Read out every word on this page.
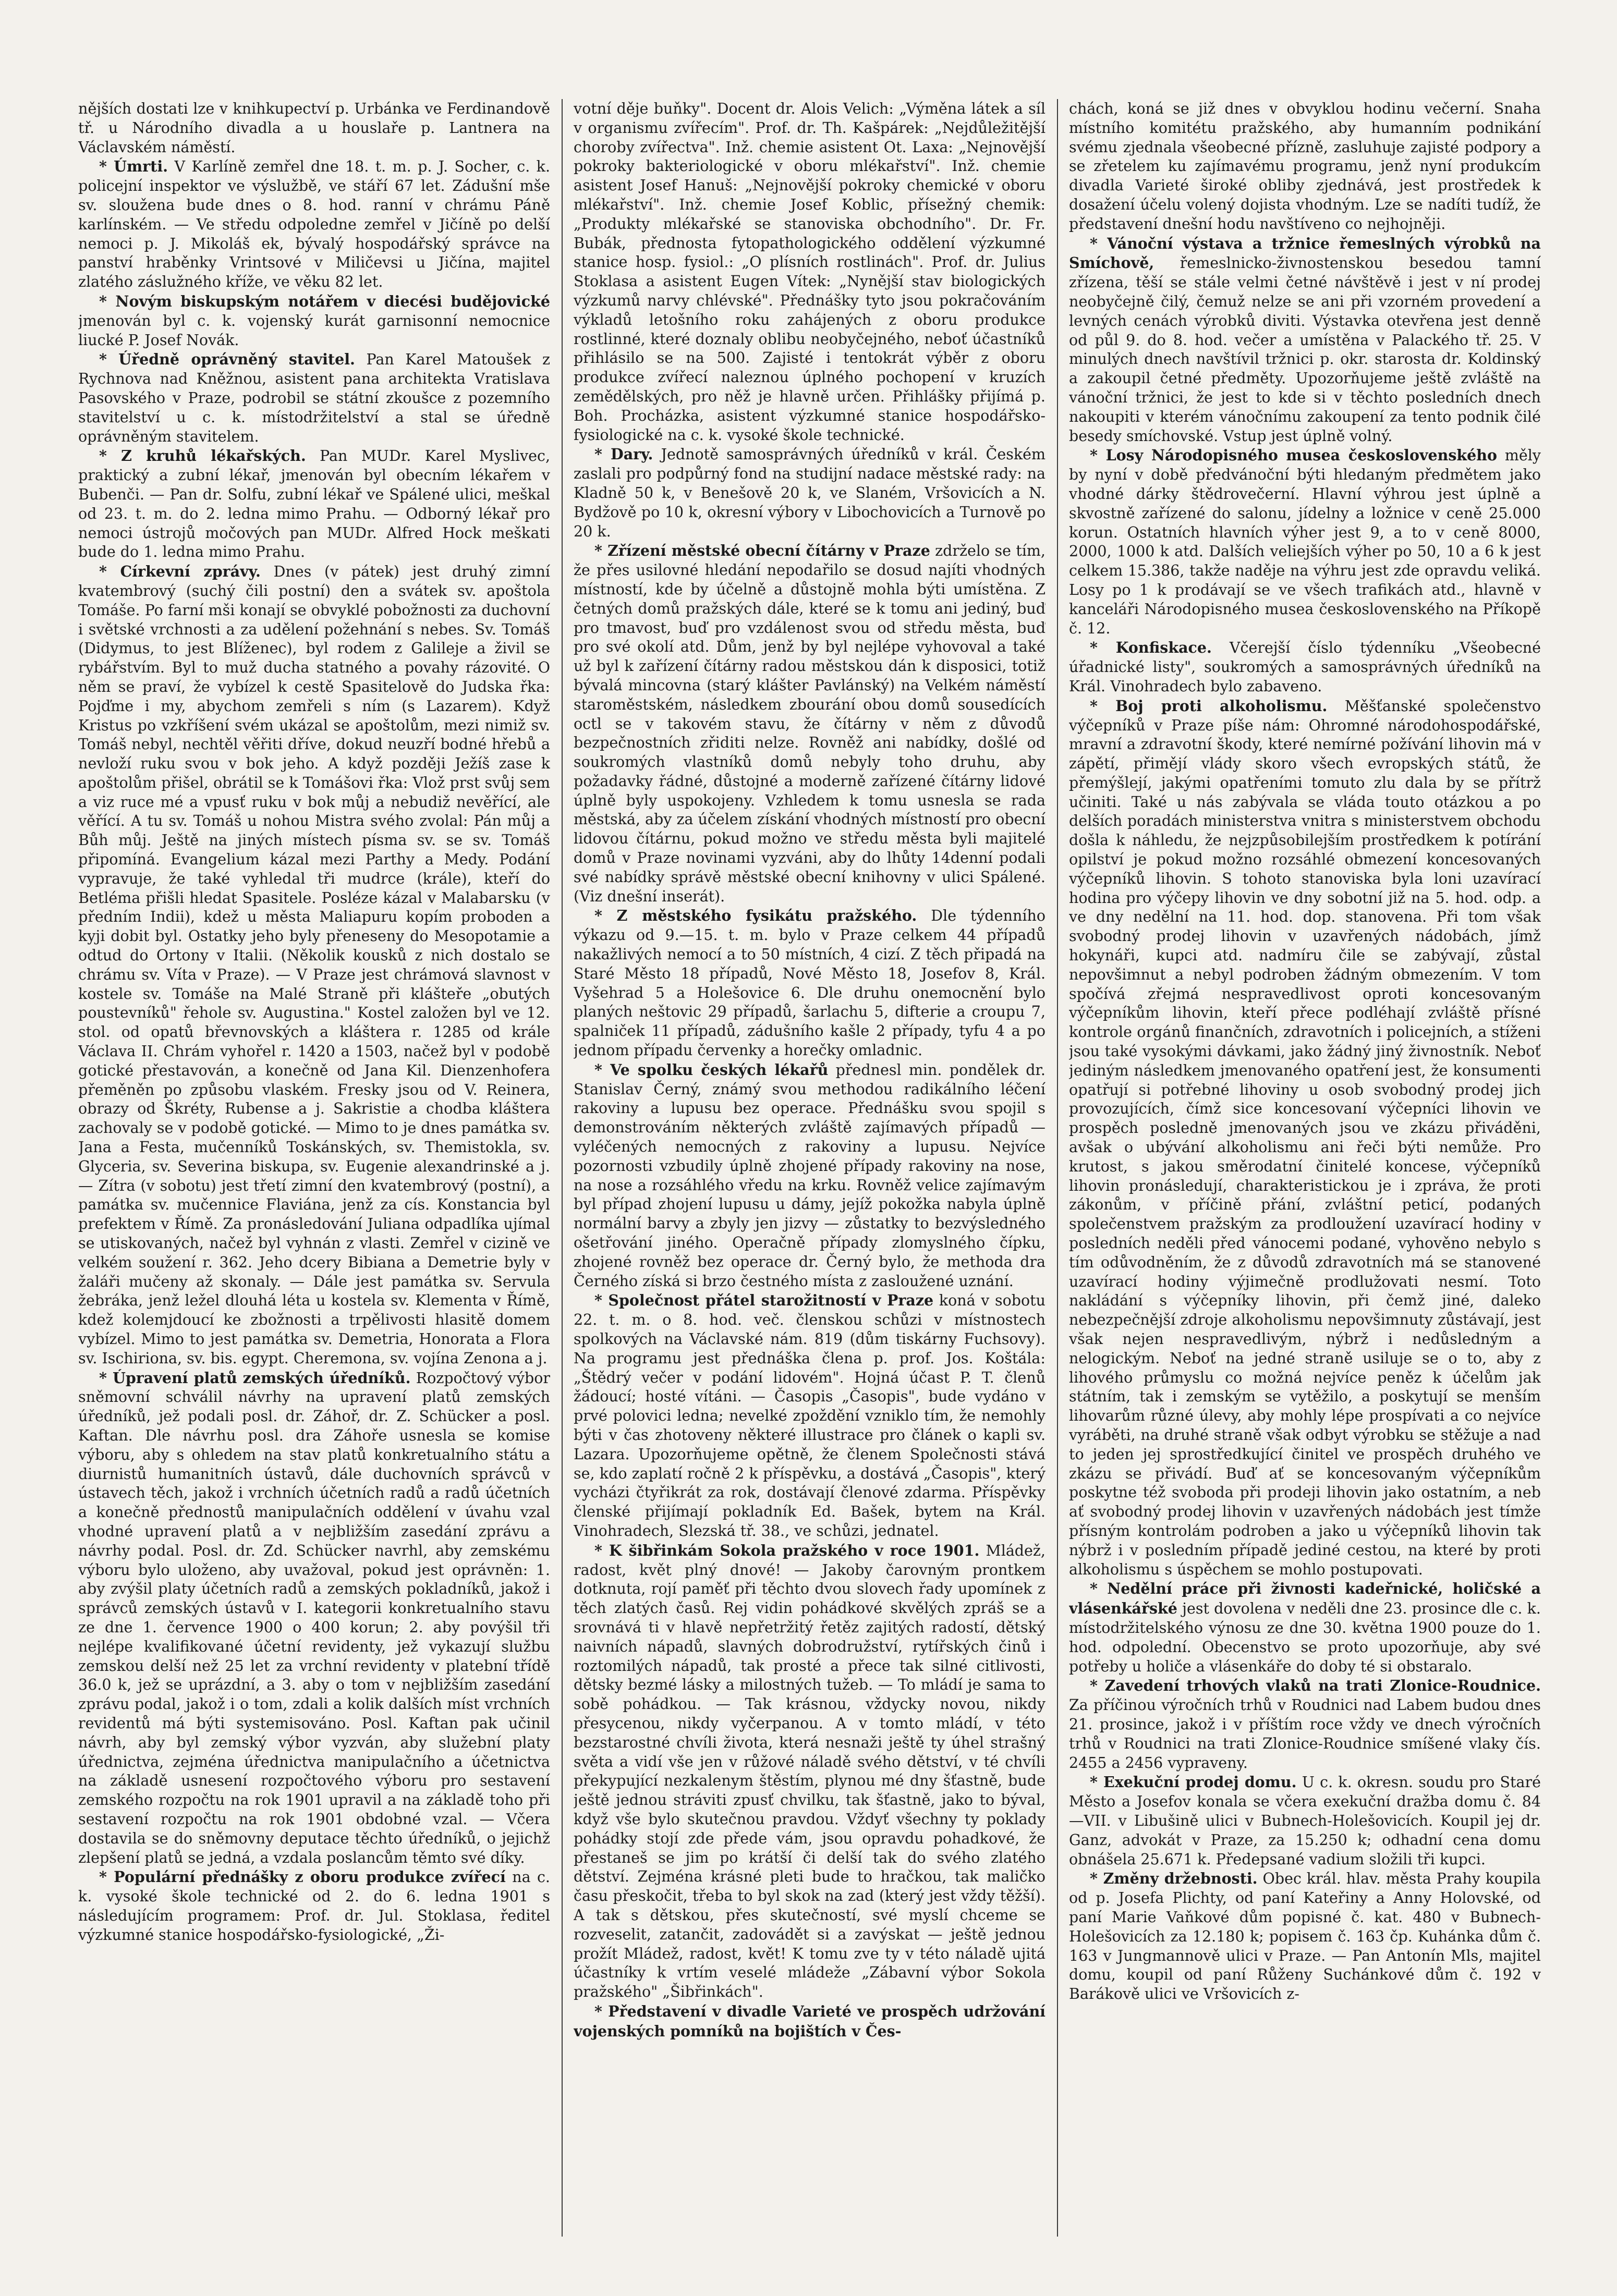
nějších dostati lze v knihkupectví p. Urbánka ve Ferdinandově tř. u Národního divadla a u houslaře p. Lantnera na Václavském náměstí.

* Úmrti. V Karlíně zemřel dne 18. t. m. p. J. Socher, c. k. policejní inspektor ve výslužbě, ve stáří 67 let. Zádušní mše sv. sloužena bude dnes o 8. hod. ranní v chrámu Páně karlínském. — Ve středu odpoledne zemřel v Jičíně po delší nemoci p. J. Mikoláš ek, bývalý hospodářský správce na panství hraběnky Vrintsové v Miličevsi u Jičína, majitel zlatého záslužného kříže, ve věku 82 let.

* Novým biskupským notářem v diecési budějovické jmenován byl c. k. vojenský kurát garnisonní nemocnice liucké P. Josef Novák.

* Úředně oprávněný stavitel. Pan Karel Matoušek z Rychnova nad Kněžnou, asistent pana architekta Vratislava Pasovského v Praze, podrobil se státní zkoušce z pozemního stavitelství u c. k. místodržitelství a stal se úředně oprávněným stavitelem.

* Z kruhů lékařských. Pan MUDr. Karel Myslivec, praktický a zubní lékař, jmenován byl obecním lékařem v Bubenči. — Pan dr. Solfu, zubní lékař ve Spálené ulici, meškal od 23. t. m. do 2. ledna mimo Prahu. — Odborný lékař pro nemoci ústrojů močových pan MUDr. Alfred Hock meškati bude do 1. ledna mimo Prahu.

* Církevní zprávy. Dnes (v pátek) jest druhý zimní kvatembrový (suchý čili postní) den a svátek sv. apoštola Tomáše. Po farní mši konají se obvyklé pobožnosti za duchovní i světské vrchnosti a za udělení požehnání s nebes. Sv. Tomáš (Didymus, to jest Blíženec), byl rodem z Galileje a živil se rybářstvím. Byl to muž ducha statného a povahy rázovité. O něm se praví, že vybízel k cestě Spasitelově do Judska řka: Pojďme i my, abychom zemřeli s ním (s Lazarem). Když Kristus po vzkříšení svém ukázal se apoštolům, mezi nimiž sv. Tomáš nebyl, nechtěl věřiti dříve, dokud neuzří bodné hřebů a nevloží ruku svou v bok jeho. A když později Ježíš zase k apoštolům přišel, obrátil se k Tomášovi řka: Vlož prst svůj sem a viz ruce mé a vpusť ruku v bok můj a nebudiž nevěřící, ale věřící. A tu sv. Tomáš u nohou Mistra svého zvolal: Pán můj a Bůh můj. Ještě na jiných místech písma sv. se sv. Tomáš připomíná. Evangelium kázal mezi Parthy a Medy. Podání vypravuje, že také vyhledal tři mudrce (krále), kteří do Betléma přišli hledat Spasitele. Posléze kázal v Malabarsku (v předním Indii), kdež u města Maliapuru kopím proboden a kyji dobit byl. Ostatky jeho byly přeneseny do Mesopotamie a odtud do Ortony v Italii. (Několik kousků z nich dostalo se chrámu sv. Víta v Praze). — V Praze jest chrámová slavnost v kostele sv. Tomáše na Malé Straně při klášteře „obutých poustevníků" řehole sv. Augustina." Kostel založen byl ve 12. stol. od opatů břevnovských a kláštera r. 1285 od krále Václava II. Chrám vyhořel r. 1420 a 1503, načež byl v podobě gotické přestavován, a konečně od Jana Kil. Dienzenhofera přeměněn po způsobu vlaském. Fresky jsou od V. Reinera, obrazy od Škréty, Rubense a j. Sakristie a chodba kláštera zachovaly se v podobě gotické. — Mimo to je dnes památka sv. Jana a Festa, mučenníků Toskánských, sv. Themistokla, sv. Glyceria, sv. Severina biskupa, sv. Eugenie alexandrinské a j. — Zítra (v sobotu) jest třetí zimní den kvatembrový (postní), a památka sv. mučennice Flaviána, jenž za cís. Konstancia byl prefektem v Římě. Za pronásledování Juliana odpadlíka ujímal se utiskovaných, načež byl vyhnán z vlasti. Zemřel v cizině ve velkém soužení r. 362. Jeho dcery Bibiana a Demetrie byly v žaláři mučeny až skonaly. — Dále jest památka sv. Servula žebráka, jenž ležel dlouhá léta u kostela sv. Klementa v Římě, kdež kolemjdoucí ke zbožnosti a trpělivosti hlasitě domem vybízel. Mimo to jest památka sv. Demetria, Honorata a Flora sv. Ischiriona, sv. bis. egypt. Cheremona, sv. vojína Zenona a j.

* Úpravení platů zemských úředníků. Rozpočtový výbor sněmovní schválil návrhy na upravení platů zemských úředníků, jež podali posl. dr. Záhoř, dr. Z. Schücker a posl. Kaftan. Dle návrhu posl. dra Záhoře usnesla se komise výboru, aby s ohledem na stav platů konkretualního státu a diurnistů humanitních ústavů, dále duchovních správců v ústavech těch, jakož i vrchních účetních radů a radů účetních a konečně přednostů manipulačních oddělení v úvahu vzal vhodné upravení platů a v nejbližším zasedání zprávu a návrhy podal. Posl. dr. Zd. Schücker navrhl, aby zemskému výboru bylo uloženo, aby uvažoval, pokud jest oprávněn: 1. aby zvýšil platy účetních radů a zemských pokladníků, jakož i správců zemských ústavů v I. kategorii konkretualního stavu ze dne 1. července 1900 o 400 korun; 2. aby povýšil tři nejlépe kvalifikované účetní revidenty, jež vykazují službu zemskou delší než 25 let za vrchní revidenty v platební třídě 36.0 k, jež se uprázdní, a 3. aby o tom v nejbližším zasedání zprávu podal, jakož i o tom, zdali a kolik dalších míst vrchních revidentů má býti systemisováno. Posl. Kaftan pak učinil návrh, aby byl zemský výbor vyzván, aby služební platy úřednictva, zejména úřednictva manipulačního a účetnictva na základě usnesení rozpočtového výboru pro sestavení zemského rozpočtu na rok 1901 upravil a na základě toho při sestavení rozpočtu na rok 1901 obdobné vzal. — Včera dostavila se do sněmovny deputace těchto úředníků, o jejichž zlepšení platů se jedná, a vzdala poslancům těmto své díky.

* Populární přednášky z oboru produkce zvířecí na c. k. vysoké škole technické od 2. do 6. ledna 1901 s následujícím programem: Prof. dr. Jul. Stoklasa, ředitel výzkumné stanice hospodářsko-fysiologické, „Ži-

votní děje buňky". Docent dr. Alois Velich: „Výměna látek a síl v organismu zvířecím". Prof. dr. Th. Kašpárek: „Nejdůležitější choroby zvířectva". Inž. chemie asistent Ot. Laxa: „Nejnovější pokroky bakteriologické v oboru mlékařství". Inž. chemie asistent Josef Hanuš: „Nejnovější pokroky chemické v oboru mlékařství". Inž. chemie Josef Koblic, přísežný chemik: „Produkty mlékařské se stanoviska obchodního". Dr. Fr. Bubák, přednosta fytopathologického oddělení výzkumné stanice hosp. fysiol.: „O plísních rostlinách". Prof. dr. Julius Stoklasa a asistent Eugen Vítek: „Nynější stav biologických výzkumů narvy chlévské". Přednášky tyto jsou pokračováním výkladů letošního roku zahájených z oboru produkce rostlinné, které doznaly oblibu neobyčejného, neboť účastníků přihlásilo se na 500. Zajisté i tentokrát výběr z oboru produkce zvířecí naleznou úplného pochopení v kruzích zemědělských, pro něž je hlavně určen. Přihlášky přijímá p. Boh. Procházka, asistent výzkumné stanice hospodářsko-fysiologické na c. k. vysoké škole technické.

* Dary. Jednotě samosprávných úředníků v král. Českém zaslali pro podpůrný fond na studijní nadace městské rady: na Kladně 50 k, v Benešově 20 k, ve Slaném, Vršovicích a N. Bydžově po 10 k, okresní výbory v Libochovicích a Turnově po 20 k.

* Zřízení městské obecní čítárny v Praze zdrželo se tím, že přes usilovné hledání nepodařilo se dosud najíti vhodných místností, kde by účelně a důstojně mohla býti umístěna. Z četných domů pražských dále, které se k tomu ani jediný, buď pro tmavost, buď pro vzdálenost svou od středu města, buď pro své okolí atd. Dům, jenž by byl nejlépe vyhovoval a také už byl k zařízení čítárny radou městskou dán k disposici, totiž bývalá mincovna (starý klášter Pavlánský) na Velkém náměstí staroměstském, následkem zbourání obou domů sousedících octl se v takovém stavu, že čítárny v něm z důvodů bezpečnostních zřiditi nelze. Rovněž ani nabídky, došlé od soukromých vlastníků domů nebyly toho druhu, aby požadavky řádné, důstojné a moderně zařízené čítárny lidové úplně byly uspokojeny. Vzhledem k tomu usnesla se rada městská, aby za účelem získání vhodných místností pro obecní lidovou čítárnu, pokud možno ve středu města byli majitelé domů v Praze novinami vyzváni, aby do lhůty 14denní podali své nabídky správě městské obecní knihovny v ulici Spálené. (Viz dnešní inserát).

* Z městského fysikátu pražského. Dle týdenního výkazu od 9.—15. t. m. bylo v Praze celkem 44 případů nakažlivých nemocí a to 50 místních, 4 cizí. Z těch připadá na Staré Město 18 případů, Nové Město 18, Josefov 8, Král. Vyšehrad 5 a Holešovice 6. Dle druhu onemocnění bylo planých neštovic 29 případů, šarlachu 5, difterie a croupu 7, spalniček 11 případů, zádušního kašle 2 případy, tyfu 4 a po jednom případu červenky a horečky omladnic.

* Ve spolku českých lékařů přednesl min. pondělek dr. Stanislav Černý, známý svou methodou radikálního léčení rakoviny a lupusu bez operace. Přednášku svou spojil s demonstrováním některých zvláště zajímavých případů — vyléčených nemocných z rakoviny a lupusu. Nejvíce pozornosti vzbudily úplně zhojené případy rakoviny na nose, na nose a rozsáhlého vředu na krku. Rovněž velice zajímavým byl případ zhojení lupusu u dámy, jejíž pokožka nabyla úplně normální barvy a zbyly jen jizvy — zůstatky to bezvýsledného ošetřování jiného. Operačně případy zlomyslného čípku, zhojené rovněž bez operace dr. Černý bylo, že methoda dra Černého získá si brzo čestného místa z zasloužené uznání.

* Společnost přátel starožitností v Praze koná v sobotu 22. t. m. o 8. hod. več. členskou schůzi v místnostech spolkových na Václavské nám. 819 (dům tiskárny Fuchsovy). Na programu jest přednáška člena p. prof. Jos. Koštála: „Štědrý večer v podání lidovém". Hojná účast P. T. členů žádoucí; hosté vítáni. — Časopis „Časopis", bude vydáno v prvé polovici ledna; nevelké zpoždění vzniklo tím, že nemohly býti v čas zhotoveny některé illustrace pro článek o kapli sv. Lazara. Upozorňujeme opětně, že členem Společnosti stává se, kdo zaplatí ročně 2 k příspěvku, a dostává „Časopis", který vycházi čtyřikrát za rok, dostávají členové zdarma. Příspěvky členské přijímají pokladník Ed. Bašek, bytem na Král. Vinohradech, Slezská tř. 38., ve schůzi, jednatel.

* K šibřinkám Sokola pražského v roce 1901. Mládež, radost, květ plný dnové! — Jakoby čarovným prontkem dotknuta, rojí paměť při těchto dvou slovech řady upomínek z těch zlatých časů. Rej vidin pohádkové skvělých zpráš se a srovnává ti v hlavě nepřetržitý řetěz zajitých radostí, dětský naivních nápadů, slavných dobrodružství, rytířských činů i roztomilých nápadů, tak prosté a přece tak silné citlivosti, dětsky bezmé lásky a milostných tužeb. — To mládí je sama to sobě pohádkou. — Tak krásnou, vždycky novou, nikdy přesycenou, nikdy vyčerpanou. A v tomto mládí, v této bezstarostné chvíli života, která nesnaži ještě ty úhel strašný světa a vidí vše jen v růžové náladě svého dětství, v té chvíli překypující nezkalenym štěstím, plynou mé dny šťastně, bude ještě jednou stráviti zpusť chvilku, tak šťastně, jako to býval, když vše bylo skutečnou pravdou. Vždyť všechny ty poklady pohádky stojí zde přede vám, jsou opravdu pohadkové, že přestaneš se jim po krátší či delší tak do svého zlatého dětství. Zejména krásné pleti bude to hračkou, tak maličko času přeskočit, třeba to byl skok na zad (který jest vždy těžší). A tak s dětskou, přes skutečností, své myslí chceme se rozveselit, zatančit, zadovádět si a zavýskat — ještě jednou prožít Mládež, radost, květ! K tomu zve ty v této náladě ujitá účastníky k vrtím veselé mládeže „Zábavní výbor Sokola pražského" „Šibřinkách".

* Představení v divadle Varieté ve prospěch udržování vojenských pomníků na bojištích v Čes-

chách, koná se již dnes v obvyklou hodinu večerní. Snaha místního komitétu pražského, aby humanním podnikání svému zjednala všeobecné přízně, zasluhuje zajisté podpory a se zřetelem ku zajímavému programu, jenž nyní produkcím divadla Varieté široké obliby zjednává, jest prostředek k dosažení účelu volený dojista vhodným. Lze se nadíti tudíž, že představení dnešní hodu navštíveno co nejhojněji.

* Vánoční výstava a tržnice řemeslných výrobků na Smíchově, řemeslnicko-živnostenskou besedou tamní zřízena, těší se stále velmi četné návštěvě i jest v ní prodej neobyčejně čilý, čemuž nelze se ani při vzorném provedení a levných cenách výrobků diviti. Výstavka otevřena jest denně od půl 9. do 8. hod. večer a umístěna v Palackého tř. 25. V minulých dnech navštívil tržnici p. okr. starosta dr. Koldinský a zakoupil četné předměty. Upozorňujeme ještě zvláště na vánoční tržnici, že jest to kde si v těchto posledních dnech nakoupiti v kterém vánočnímu zakoupení za tento podnik čilé besedy smíchovské. Vstup jest úplně volný.

* Losy Národopisného musea československého měly by nyní v době předvánoční býti hledaným předmětem jako vhodné dárky štědrovečerní. Hlavní výhrou jest úplně a skvostně zařízené do salonu, jídelny a ložnice v ceně 25.000 korun. Ostatních hlavních výher jest 9, a to v ceně 8000, 2000, 1000 k atd. Dalších veliejších výher po 50, 10 a 6 k jest celkem 15.386, takže naděje na výhru jest zde opravdu veliká. Losy po 1 k prodávají se ve všech trafikách atd., hlavně v kanceláři Národopisného musea československého na Příkopě č. 12.

* Konfiskace. Včerejší číslo týdenníku „Všeobecné úřadnické listy", soukromých a samosprávných úředníků na Král. Vinohradech bylo zabaveno.

* Boj proti alkoholismu. Měšťanské společenstvo výčepníků v Praze píše nám: Ohromné národohospodářské, mravní a zdravotní škody, které nemírné požívání lihovin má v zápětí, přimějí vlády skoro všech evropských států, že přemýšlejí, jakými opatřeními tomuto zlu dala by se přítrž učiniti. Také u nás zabývala se vláda touto otázkou a po delších poradách ministerstva vnitra s ministerstvem obchodu došla k náhledu, že nejzpůsobilejším prostředkem k potírání opilství je pokud možno rozsáhlé obmezení koncesovaných výčepníků lihovin. S tohoto stanoviska byla loni uzavírací hodina pro výčepy lihovin ve dny sobotní již na 5. hod. odp. a ve dny nedělní na 11. hod. dop. stanovena. Při tom však svobodný prodej lihovin v uzavřených nádobách, jímž hokynáři, kupci atd. nadmíru čile se zabývají, zůstal nepovšimnut a nebyl podroben žádným obmezením. V tom spočívá zřejmá nespravedlivost oproti koncesovaným výčepníkům lihovin, kteří přece podléhají zvláště přísné kontrole orgánů finančních, zdravotních i policejních, a stíženi jsou také vysokými dávkami, jako žádný jiný živnostník. Neboť jediným následkem jmenovaného opatření jest, že konsumenti opatřují si potřebné lihoviny u osob svobodný prodej jich provozujících, čímž sice koncesovaní výčepníci lihovin ve prospěch posledně jmenovaných jsou ve zkázu přiváděni, avšak o ubývání alkoholismu ani řeči býti nemůže. Pro krutost, s jakou směrodatní činitelé koncese, výčepníků lihovin pronásledují, charakteristickou je i zpráva, že proti zákonům, v příčině přání, zvláštní peticí, podaných společenstvem pražským za prodloužení uzavírací hodiny v posledních neděli před vánocemi podané, vyhověno nebylo s tím odůvodněním, že z důvodů zdravotních má se stanovené uzavírací hodiny výjimečně prodlužovati nesmí. Toto nakládání s výčepníky lihovin, při čemž jiné, daleko nebezpečnější zdroje alkoholismu nepovšimnuty zůstávají, jest však nejen nespravedlivým, nýbrž i nedůsledným a nelogickým. Neboť na jedné straně usiluje se o to, aby z lihového průmyslu co možná nejvíce peněz k účelům jak státním, tak i zemským se vytěžilo, a poskytují se menším lihovarům různé úlevy, aby mohly lépe prospívati a co nejvíce vyráběti, na druhé straně však odbyt výrobku se stěžuje a nad to jeden jej sprostředkující činitel ve prospěch druhého ve zkázu se přivádí. Buď ať se koncesovaným výčepníkům poskytne též svoboda při prodeji lihovin jako ostatním, a neb ať svobodný prodej lihovin v uzavřených nádobách jest tímže přísným kontrolám podroben a jako u výčepníků lihovin tak nýbrž i v posledním případě jediné cestou, na které by proti alkoholismu s úspěchem se mohlo postupovati.

* Nedělní práce při živnosti kadeřnické, holičské a vlásenkářské jest dovolena v neděli dne 23. prosince dle c. k. místodržitelského výnosu ze dne 30. května 1900 pouze do 1. hod. odpolední. Obecenstvo se proto upozorňuje, aby své potřeby u holiče a vlásenkáře do doby té si obstaralo.

* Zavedení trhových vlaků na trati Zlonice-Roudnice. Za příčinou výročních trhů v Roudnici nad Labem budou dnes 21. prosince, jakož i v příštím roce vždy ve dnech výročních trhů v Roudnici na trati Zlonice-Roudnice smíšené vlaky čís. 2455 a 2456 vypraveny.

* Exekuční prodej domu. U c. k. okresn. soudu pro Staré Město a Josefov konala se včera exekuční dražba domu č. 84—VII. v Libušině ulici v Bubnech-Holešovicích. Koupil jej dr. Ganz, advokát v Praze, za 15.250 k; odhadní cena domu obnášela 25.671 k. Předepsané vadium složili tři kupci.

* Změny držebnosti. Obec král. hlav. města Prahy koupila od p. Josefa Plichty, od paní Kateřiny a Anny Holovské, od paní Marie Vaňkové dům popisné č. kat. 480 v Bubnech-Holešovicích za 12.180 k; popisem č. 163 čp. Kuhánka dům č. 163 v Jungmannově ulici v Praze. — Pan Antonín Mls, majitel domu, koupil od paní Růženy Suchánkové dům č. 192 v Barákově ulici ve Vršovicích z-
